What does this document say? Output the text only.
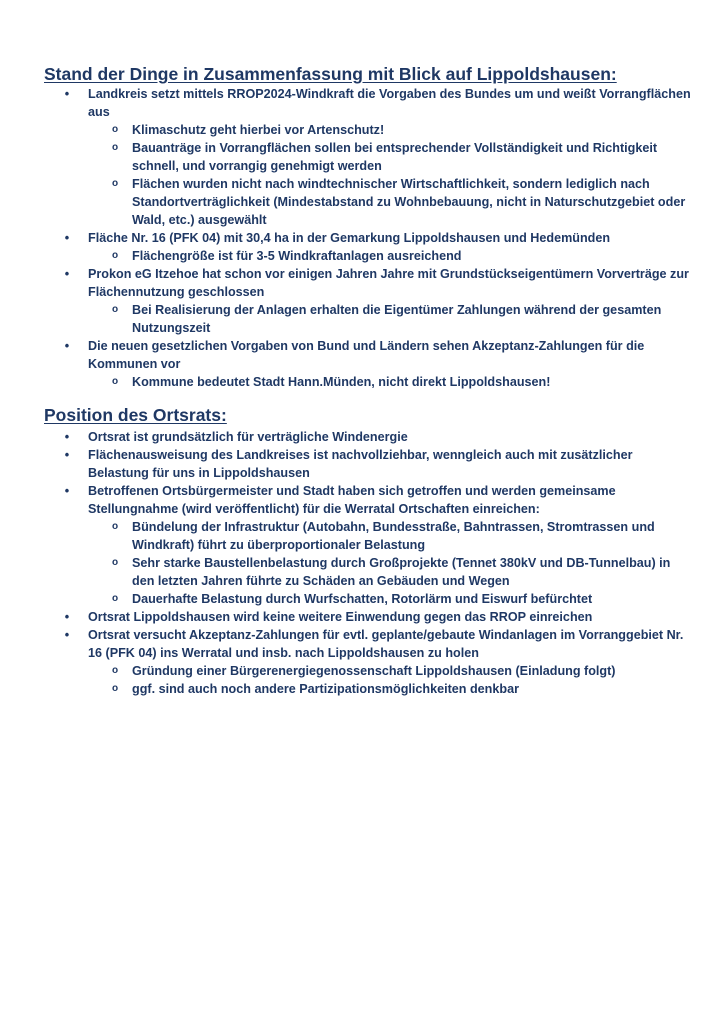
Stand der Dinge in Zusammenfassung mit Blick auf Lippoldshausen:
• Landkreis setzt mittels RROP2024-Windkraft die Vorgaben des Bundes um und weißt Vorrangflächen aus
o Klimaschutz geht hierbei vor Artenschutz!
o Bauanträge in Vorrangflächen sollen bei entsprechender Vollständigkeit und Richtigkeit schnell, und vorrangig genehmigt werden
o Flächen wurden nicht nach windtechnischer Wirtschaftlichkeit, sondern lediglich nach Standortverträglichkeit (Mindestabstand zu Wohnbebauung, nicht in Naturschutzgebiet oder Wald, etc.) ausgewählt
• Fläche Nr. 16 (PFK 04) mit 30,4 ha in der Gemarkung Lippoldshausen und Hedemünden
o Flächengröße ist für 3-5 Windkraftanlagen ausreichend
• Prokon eG Itzehoe hat schon vor einigen Jahren Jahre mit Grundstückseigentümern Vorverträge zur Flächennutzung geschlossen
o Bei Realisierung der Anlagen erhalten die Eigentümer Zahlungen während der gesamten Nutzungszeit
• Die neuen gesetzlichen Vorgaben von Bund und Ländern sehen Akzeptanz-Zahlungen für die Kommunen vor
o Kommune bedeutet Stadt Hann.Münden, nicht direkt Lippoldshausen!
Position des Ortsrats:
• Ortsrat ist grundsätzlich für verträgliche Windenergie
• Flächenausweisung des Landkreises ist nachvollziehbar, wenngleich auch mit zusätzlicher Belastung für uns in Lippoldshausen
• Betroffenen Ortsbürgermeister und Stadt haben sich getroffen und werden gemeinsame Stellungnahme (wird veröffentlicht) für die Werratal Ortschaften einreichen:
o Bündelung der Infrastruktur (Autobahn, Bundesstraße, Bahntrassen, Stromtrassen und Windkraft) führt zu überproportionaler Belastung
o Sehr starke Baustellenbelastung durch Großprojekte (Tennet 380kV und DB-Tunnelbau) in den letzten Jahren führte zu Schäden an Gebäuden und Wegen
o Dauerhafte Belastung durch Wurfschatten, Rotorlärm und Eiswurf befürchtet
• Ortsrat Lippoldshausen wird keine weitere Einwendung gegen das RROP einreichen
• Ortsrat versucht Akzeptanz-Zahlungen für evtl. geplante/gebaute Windanlagen im Vorranggebiet Nr. 16 (PFK 04) ins Werratal und insb. nach Lippoldshausen zu holen
o Gründung einer Bürgerenergiegenossenschaft Lippoldshausen (Einladung folgt)
o ggf. sind auch noch andere Partizipationsmöglichkeiten denkbar
